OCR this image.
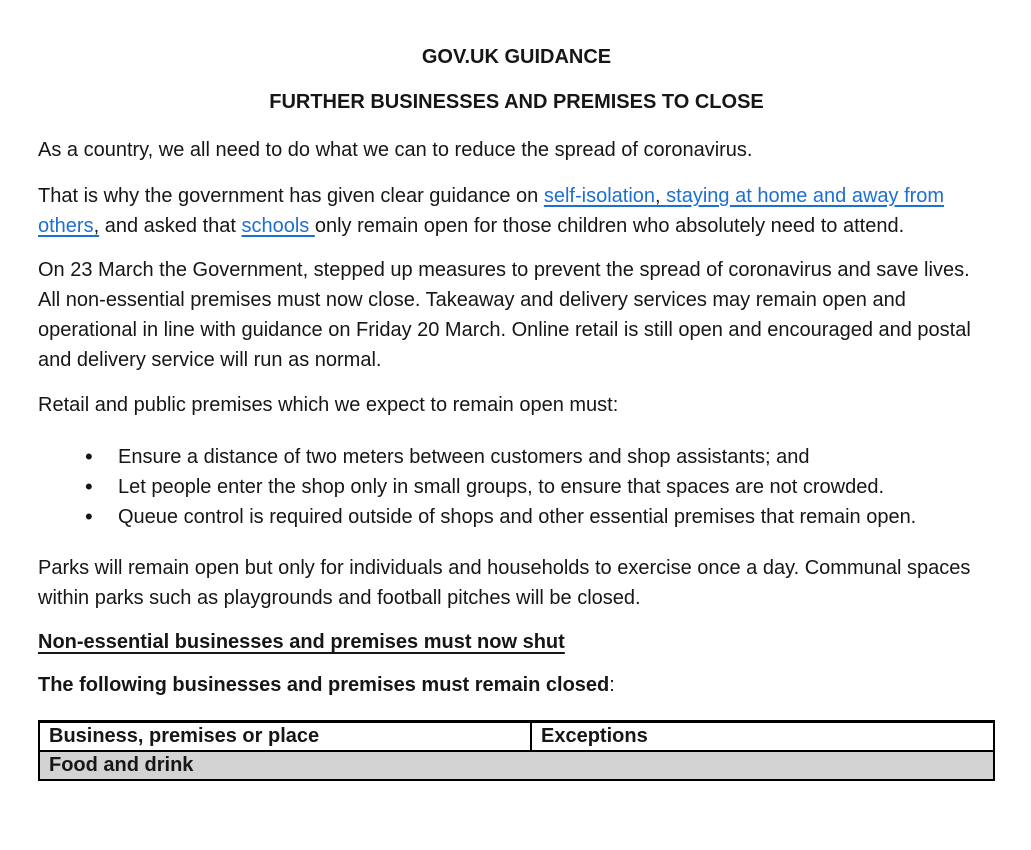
GOV.UK GUIDANCE

FURTHER BUSINESSES AND PREMISES TO CLOSE

As a country, we all need to do what we can to reduce the spread of coronavirus.

That is why the government has given clear guidance on self-isolation, staying at home and away from others, and asked that schools only remain open for those children who absolutely need to attend.

On 23 March the Government, stepped up measures to prevent the spread of coronavirus and save lives. All non-essential premises must now close. Takeaway and delivery services may remain open and operational in line with guidance on Friday 20 March. Online retail is still open and encouraged and postal and delivery service will run as normal.

Retail and public premises which we expect to remain open must:

• Ensure a distance of two meters between customers and shop assistants; and
• Let people enter the shop only in small groups, to ensure that spaces are not crowded.
• Queue control is required outside of shops and other essential premises that remain open.

Parks will remain open but only for individuals and households to exercise once a day. Communal spaces within parks such as playgrounds and football pitches will be closed.

Non-essential businesses and premises must now shut

The following businesses and premises must remain closed:

Business, premises or place	Exceptions
Food and drink
